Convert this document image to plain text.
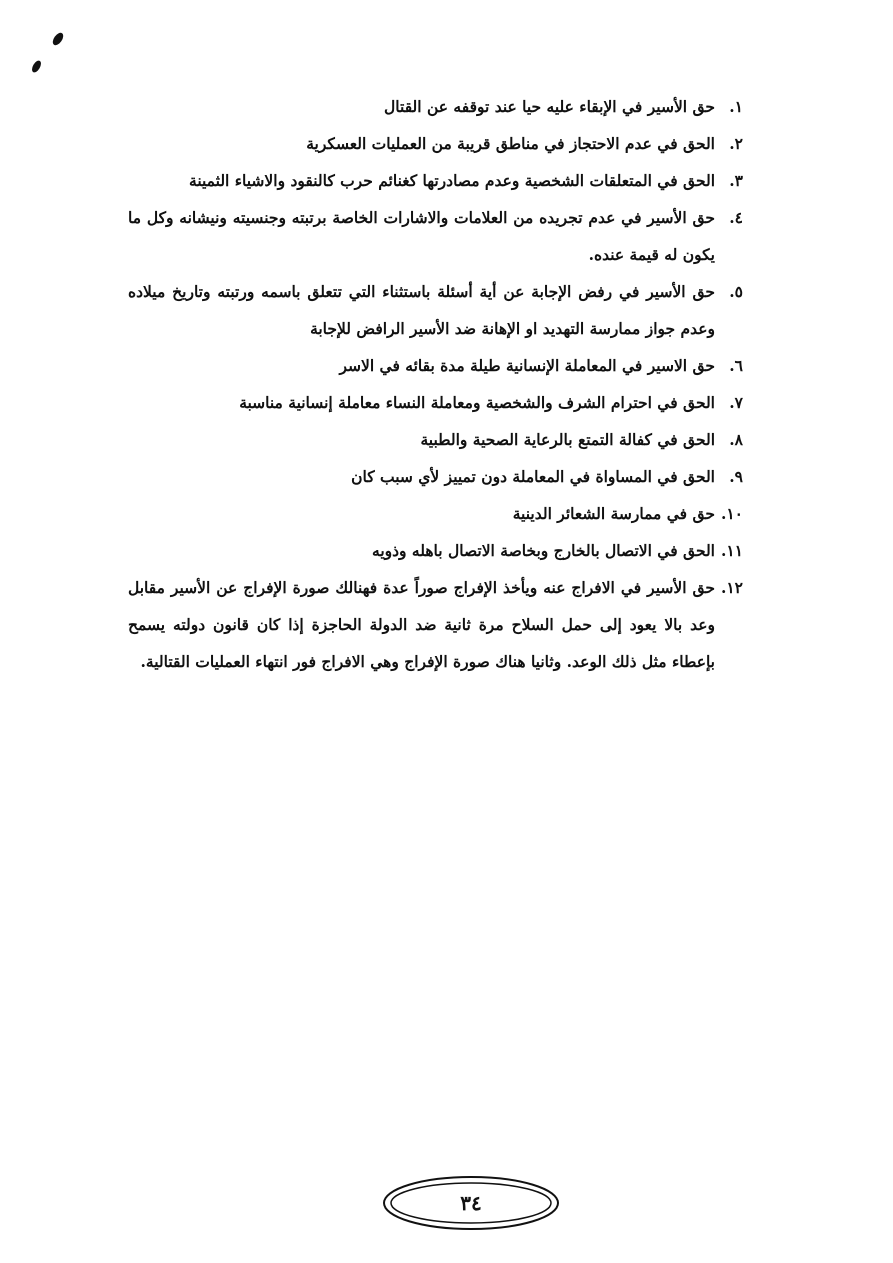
١.
حق الأسير في الإبقاء عليه حيا عند توقفه عن القتال
٢.
الحق في عدم الاحتجاز في مناطق قريبة من العمليات العسكرية
٣.
الحق في المتعلقات الشخصية وعدم مصادرتها كغنائم حرب كالنقود والاشياء الثمينة
٤.
حق الأسير في عدم تجريده من العلامات والاشارات الخاصة برتبته وجنسيته ونيشانه وكل ما يكون له قيمة عنده.
٥.
حق الأسير في رفض الإجابة عن أية أسئلة باستثناء التي تتعلق باسمه ورتبته وتاريخ ميلاده وعدم جواز ممارسة التهديد او الإهانة ضد الأسير الرافض للإجابة
٦.
حق الاسير في المعاملة الإنسانية طيلة مدة بقائه في الاسر
٧.
الحق في احترام الشرف والشخصية ومعاملة النساء معاملة إنسانية مناسبة
٨.
الحق في كفالة التمتع بالرعاية الصحية والطبية
٩.
الحق في المساواة في المعاملة دون تمييز لأي سبب كان
١٠.
حق في ممارسة الشعائر الدينية
١١.
الحق في الاتصال بالخارج وبخاصة الاتصال باهله وذويه
١٢.
حق الأسير في الافراج عنه ويأخذ الإفراج صوراً عدة فهنالك صورة الإفراج عن الأسير مقابل وعد بالا يعود إلى حمل السلاح مرة ثانية ضد الدولة الحاجزة إذا كان قانون دولته يسمح بإعطاء مثل ذلك الوعد. وثانيا هناك صورة الإفراج وهي الافراج فور انتهاء العمليات القتالية.
٣٤
